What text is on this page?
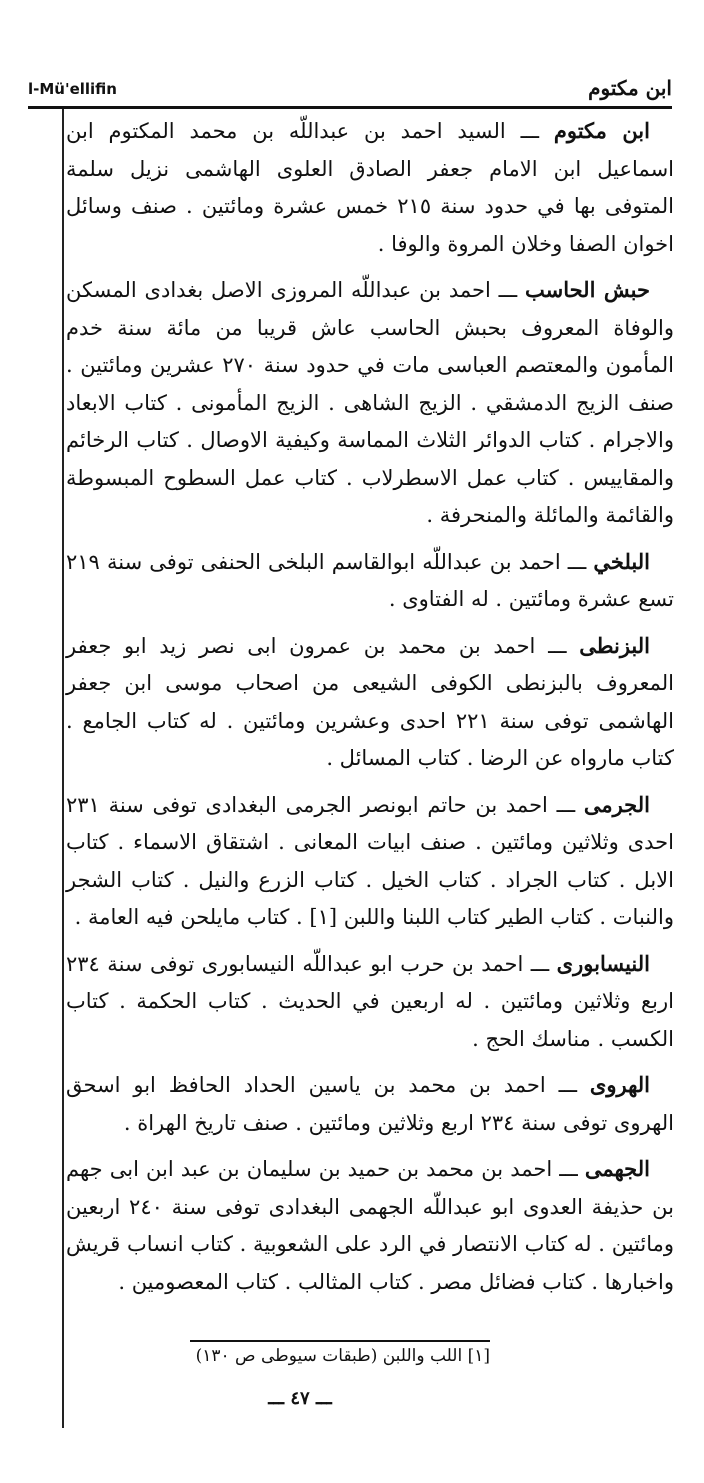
l-Mü'ellifin	ابن مكتوم

ابن مكتوم ـــ السيد احمد بن عبداللّه بن محمد المكتوم ابن اسماعيل ابن الامام جعفر الصادق العلوى الهاشمى نزيل سلمة المتوفى بها في حدود سنة ٢١٥ خمس عشرة ومائتين . صنف وسائل اخوان الصفا وخلان المروة والوفا .

حبش الحاسب ـــ احمد بن عبداللّه المروزى الاصل بغدادى المسكن والوفاة المعروف بحبش الحاسب عاش قريبا من مائة سنة خدم المأمون والمعتصم العباسى مات في حدود سنة ٢٧٠ عشرين ومائتين . صنف الزيج الدمشقي . الزيج الشاهى . الزيج المأمونى . كتاب الابعاد والاجرام . كتاب الدوائر الثلاث المماسة وكيفية الاوصال . كتاب الرخائم والمقاييس . كتاب عمل الاسطرلاب . كتاب عمل السطوح المبسوطة والقائمة والمائلة والمنحرفة .

البلخي ـــ احمد بن عبداللّه ابوالقاسم البلخى الحنفى توفى سنة ٢١٩ تسع عشرة ومائتين . له الفتاوى .

البزنطى ـــ احمد بن محمد بن عمرون ابى نصر زيد ابو جعفر المعروف بالبزنطى الكوفى الشيعى من اصحاب موسى ابن جعفر الهاشمى توفى سنة ٢٢١ احدى وعشرين ومائتين . له كتاب الجامع . كتاب مارواه عن الرضا . كتاب المسائل .

الجرمى ـــ احمد بن حاتم ابونصر الجرمى البغدادى توفى سنة ٢٣١ احدى وثلاثين ومائتين . صنف ابيات المعانى . اشتقاق الاسماء . كتاب الابل . كتاب الجراد . كتاب الخيل . كتاب الزرع والنيل . كتاب الشجر والنبات . كتاب الطير كتاب اللبنا واللبن [١] . كتاب مايلحن فيه العامة .

النيسابورى ـــ احمد بن حرب ابو عبداللّه النيسابورى توفى سنة ٢٣٤ اربع وثلاثين ومائتين . له اربعين في الحديث . كتاب الحكمة . كتاب الكسب . مناسك الحج .

الهروى ـــ احمد بن محمد بن ياسين الحداد الحافظ ابو اسحق الهروى توفى سنة ٢٣٤ اربع وثلاثين ومائتين . صنف تاريخ الهراة .

الجهمى ـــ احمد بن محمد بن حميد بن سليمان بن عبد ابن ابى جهم بن حذيفة العدوى ابو عبداللّه الجهمى البغدادى توفى سنة ٢٤٠ اربعين ومائتين . له كتاب الانتصار في الرد على الشعوبية . كتاب انساب قريش واخبارها . كتاب فضائل مصر . كتاب المثالب . كتاب المعصومين .

[١] اللب واللبن (طبقات سيوطى ص ١٣٠)
ـــ ٤٧ ـــ
